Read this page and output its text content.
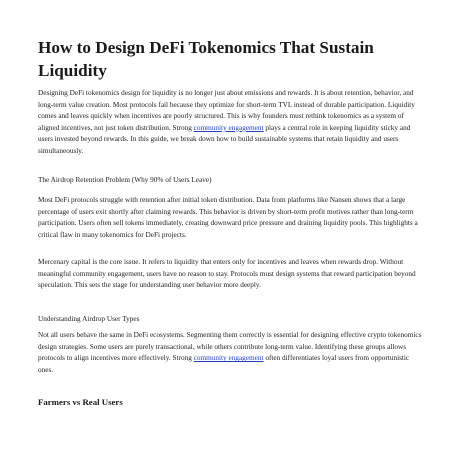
How to Design DeFi Tokenomics That Sustain Liquidity

Designing DeFi tokenomics design for liquidity is no longer just about emissions and rewards. It is about retention, behavior, and long-term value creation. Most protocols fail because they optimize for short-term TVL instead of durable participation. Liquidity comes and leaves quickly when incentives are poorly structured. This is why founders must rethink tokenomics as a system of aligned incentives, not just token distribution. Strong community engagement plays a central role in keeping liquidity sticky and users invested beyond rewards. In this guide, we break down how to build sustainable systems that retain liquidity and users simultaneously.

The Airdrop Retention Problem (Why 90% of Users Leave)

Most DeFi protocols struggle with retention after initial token distribution. Data from platforms like Nansen shows that a large percentage of users exit shortly after claiming rewards. This behavior is driven by short-term profit motives rather than long-term participation. Users often sell tokens immediately, creating downward price pressure and draining liquidity pools. This highlights a critical flaw in many tokenomics for DeFi projects.

Mercenary capital is the core issue. It refers to liquidity that enters only for incentives and leaves when rewards drop. Without meaningful community engagement, users have no reason to stay. Protocols must design systems that reward participation beyond speculation. This sets the stage for understanding user behavior more deeply.

Understanding Airdrop User Types

Not all users behave the same in DeFi ecosystems. Segmenting them correctly is essential for designing effective crypto tokenomics design strategies. Some users are purely transactional, while others contribute long-term value. Identifying these groups allows protocols to align incentives more effectively. Strong community engagement often differentiates loyal users from opportunistic ones.

Farmers vs Real Users
